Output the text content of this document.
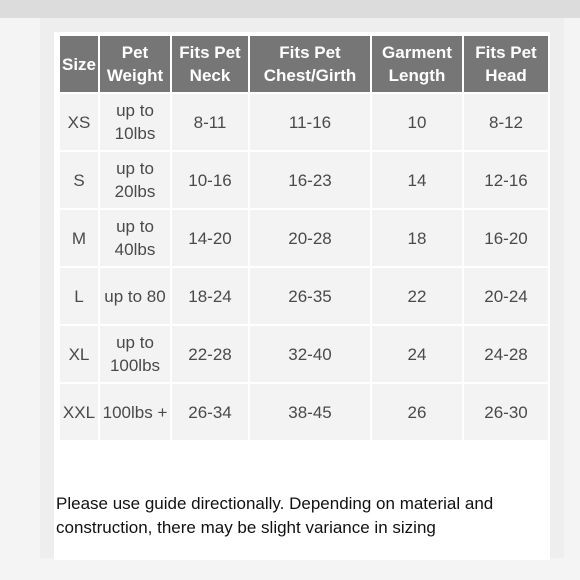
Size	Pet Weight	Fits Pet Neck	Fits Pet Chest/Girth	Garment Length	Fits Pet Head
XS	up to 10lbs	8-11	11-16	10	8-12
S	up to 20lbs	10-16	16-23	14	12-16
M	up to 40lbs	14-20	20-28	18	16-20
L	up to 80	18-24	26-35	22	20-24
XL	up to 100lbs	22-28	32-40	24	24-28
XXL	100lbs +	26-34	38-45	26	26-30
Please use guide directionally. Depending on material and construction, there may be slight variance in sizing
